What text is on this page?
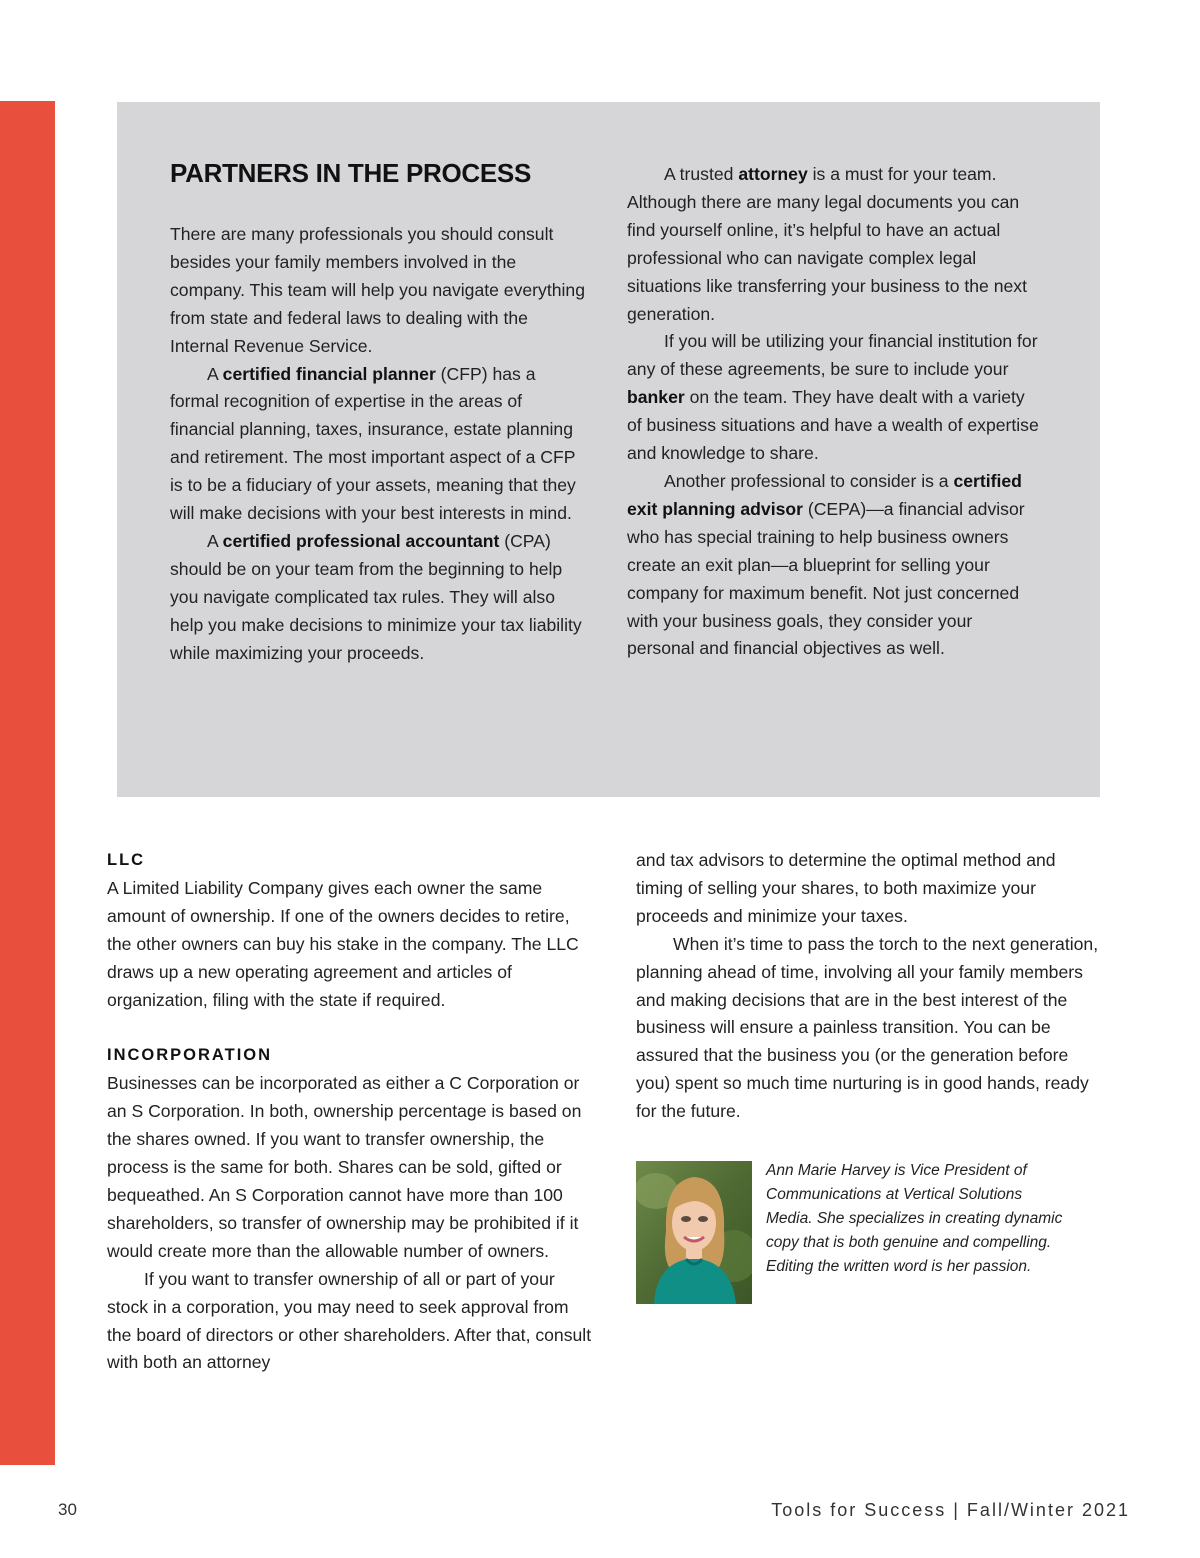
PARTNERS IN THE PROCESS

There are many professionals you should consult besides your family members involved in the company. This team will help you navigate everything from state and federal laws to dealing with the Internal Revenue Service.

A certified financial planner (CFP) has a formal recognition of expertise in the areas of financial planning, taxes, insurance, estate planning and retirement. The most important aspect of a CFP is to be a fiduciary of your assets, meaning that they will make decisions with your best interests in mind.

A certified professional accountant (CPA) should be on your team from the beginning to help you navigate complicated tax rules. They will also help you make decisions to minimize your tax liability while maximizing your proceeds.

A trusted attorney is a must for your team. Although there are many legal documents you can find yourself online, it’s helpful to have an actual professional who can navigate complex legal situations like transferring your business to the next generation.

If you will be utilizing your financial institution for any of these agreements, be sure to include your banker on the team. They have dealt with a variety of business situations and have a wealth of expertise and knowledge to share.

Another professional to consider is a certified exit planning advisor (CEPA)—a financial advisor who has special training to help business owners create an exit plan—a blueprint for selling your company for maximum benefit. Not just concerned with your business goals, they consider your personal and financial objectives as well.

LLC

A Limited Liability Company gives each owner the same amount of ownership. If one of the owners decides to retire, the other owners can buy his stake in the company. The LLC draws up a new operating agreement and articles of organization, filing with the state if required.

INCORPORATION

Businesses can be incorporated as either a C Corporation or an S Corporation. In both, ownership percentage is based on the shares owned. If you want to transfer ownership, the process is the same for both. Shares can be sold, gifted or bequeathed. An S Corporation cannot have more than 100 shareholders, so transfer of ownership may be prohibited if it would create more than the allowable number of owners.

If you want to transfer ownership of all or part of your stock in a corporation, you may need to seek approval from the board of directors or other shareholders. After that, consult with both an attorney

and tax advisors to determine the optimal method and timing of selling your shares, to both maximize your proceeds and minimize your taxes.

When it’s time to pass the torch to the next generation, planning ahead of time, involving all your family members and making decisions that are in the best interest of the business will ensure a painless transition. You can be assured that the business you (or the generation before you) spent so much time nurturing is in good hands, ready for the future.

Ann Marie Harvey is Vice President of Communications at Vertical Solutions Media. She specializes in creating dynamic copy that is both genuine and compelling. Editing the written word is her passion.
30	Tools for Success | Fall/Winter 2021
